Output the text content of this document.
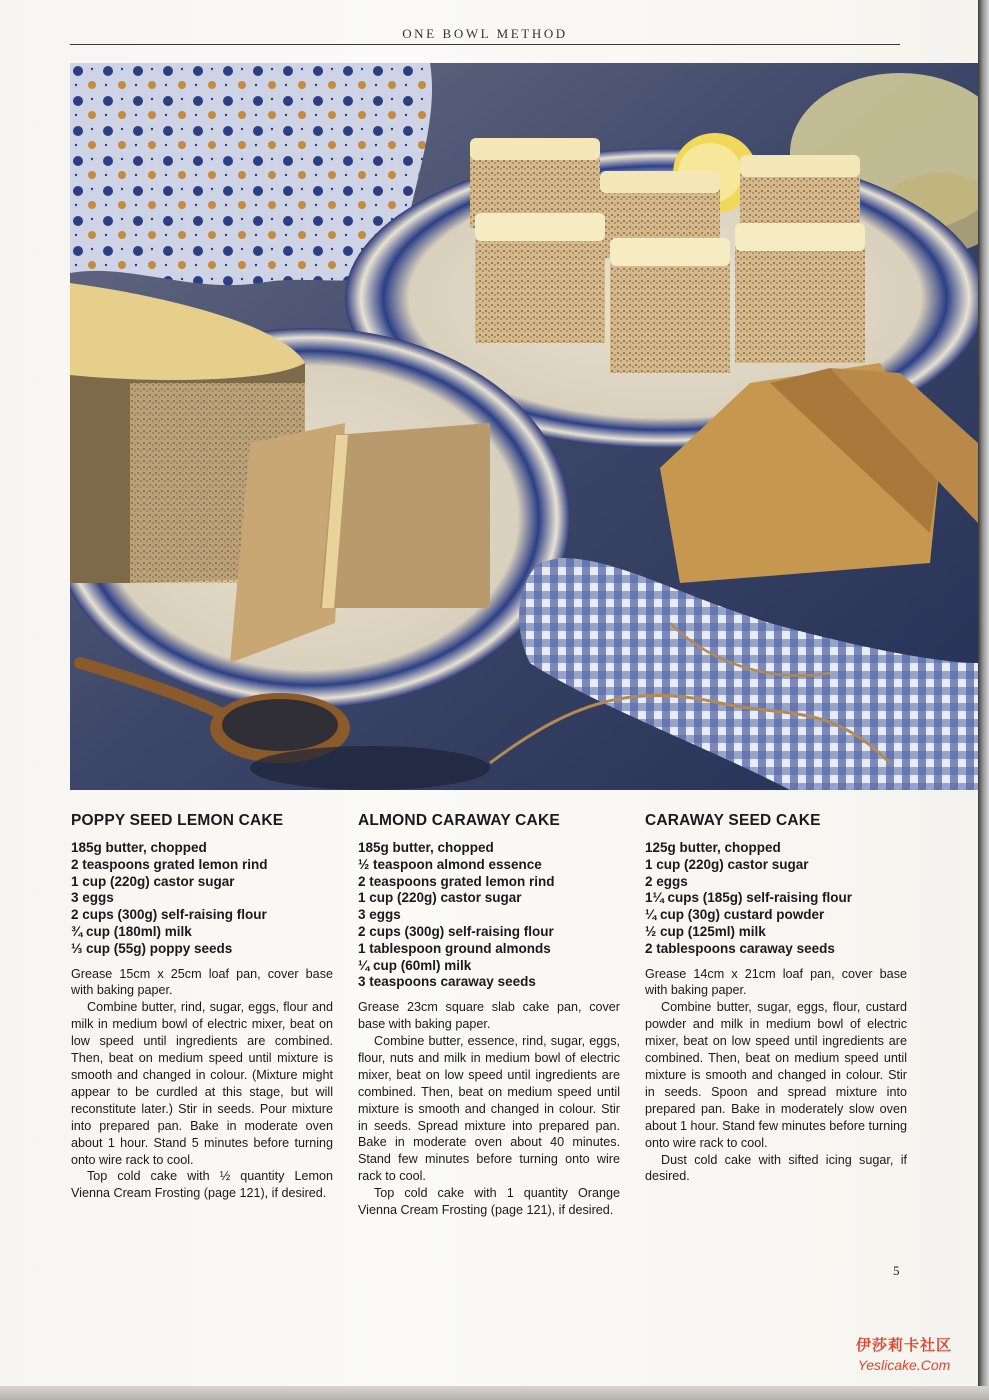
ONE BOWL METHOD
POPPY SEED LEMON CAKE
185g butter, chopped
2 teaspoons grated lemon rind
1 cup (220g) castor sugar
3 eggs
2 cups (300g) self-raising flour
¾ cup (180ml) milk
⅓ cup (55g) poppy seeds

Grease 15cm x 25cm loaf pan, cover base with baking paper.

Combine butter, rind, sugar, eggs, flour and milk in medium bowl of electric mixer, beat on low speed until ingredients are combined. Then, beat on medium speed until mixture is smooth and changed in colour. (Mixture might appear to be curdled at this stage, but will reconstitute later.) Stir in seeds. Pour mixture into prepared pan. Bake in moderate oven about 1 hour. Stand 5 minutes before turning onto wire rack to cool.

Top cold cake with ½ quantity Lemon Vienna Cream Frosting (page 121), if desired.

ALMOND CARAWAY CAKE
185g butter, chopped
½ teaspoon almond essence
2 teaspoons grated lemon rind
1 cup (220g) castor sugar
3 eggs
2 cups (300g) self-raising flour
1 tablespoon ground almonds
¼ cup (60ml) milk
3 teaspoons caraway seeds

Grease 23cm square slab cake pan, cover base with baking paper.

Combine butter, essence, rind, sugar, eggs, flour, nuts and milk in medium bowl of electric mixer, beat on low speed until ingredients are combined. Then, beat on medium speed until mixture is smooth and changed in colour. Stir in seeds. Spread mixture into prepared pan. Bake in moderate oven about 40 minutes. Stand few minutes before turning onto wire rack to cool.

Top cold cake with 1 quantity Orange Vienna Cream Frosting (page 121), if desired.

CARAWAY SEED CAKE
125g butter, chopped
1 cup (220g) castor sugar
2 eggs
1¼ cups (185g) self-raising flour
¼ cup (30g) custard powder
½ cup (125ml) milk
2 tablespoons caraway seeds

Grease 14cm x 21cm loaf pan, cover base with baking paper.

Combine butter, sugar, eggs, flour, custard powder and milk in medium bowl of electric mixer, beat on low speed until ingredients are combined. Then, beat on medium speed until mixture is smooth and changed in colour. Stir in seeds. Spoon and spread mixture into prepared pan. Bake in moderately slow oven about 1 hour. Stand few minutes before turning onto wire rack to cool.

Dust cold cake with sifted icing sugar, if desired.

5
伊莎莉卡社区
Yeslicake.Com
